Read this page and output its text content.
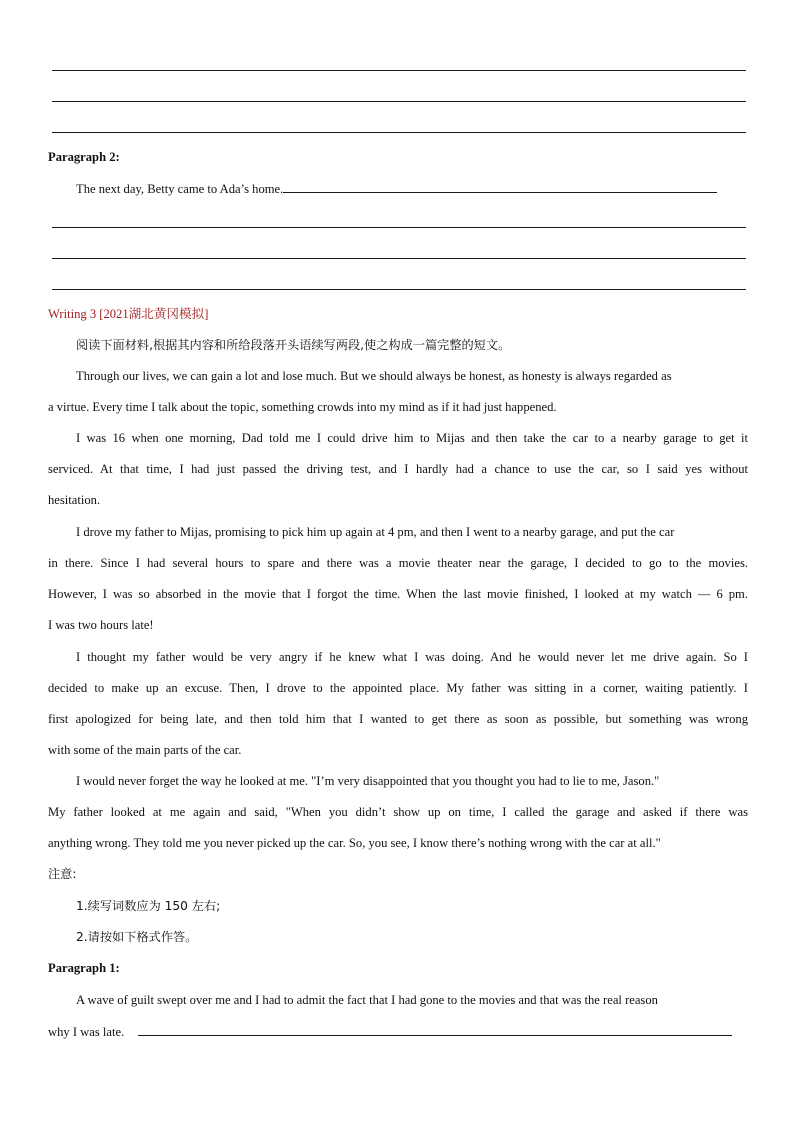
Paragraph 2:
The next day, Betty came to Ada’s home.
Writing 3 [2021湖北黄冈模拟]
阅读下面材料,根据其内容和所给段落开头语续写两段,使之构成一篇完整的短文。
Through our lives, we can gain a lot and lose much. But we should always be honest, as honesty is always regarded as
a virtue. Every time I talk about the topic, something crowds into my mind as if it had just happened.
I was 16 when one morning, Dad told me I could drive him to Mijas and then take the car to a nearby garage to get it
serviced. At that time, I had just passed the driving test, and I hardly had a chance to use the car, so I said yes without
hesitation.
I drove my father to Mijas, promising to pick him up again at 4 pm, and then I went to a nearby garage, and put the car
in there. Since I had several hours to spare and there was a movie theater near the garage, I decided to go to the movies.
However, I was so absorbed in the movie that I forgot the time. When the last movie finished, I looked at my watch — 6 pm.
I was two hours late!
I thought my father would be very angry if he knew what I was doing. And he would never let me drive again. So I
decided to make up an excuse. Then, I drove to the appointed place. My father was sitting in a corner, waiting patiently. I
first apologized for being late, and then told him that I wanted to get there as soon as possible, but something was wrong
with some of the main parts of the car.
I would never forget the way he looked at me. "I’m very disappointed that you thought you had to lie to me, Jason."
My father looked at me again and said, "When you didn’t show up on time, I called the garage and asked if there was
anything wrong. They told me you never picked up the car. So, you see, I know there’s nothing wrong with the car at all."
注意:
1.续写词数应为 150 左右;
2.请按如下格式作答。
Paragraph 1:
A wave of guilt swept over me and I had to admit the fact that I had gone to the movies and that was the real reason
why I was late.
